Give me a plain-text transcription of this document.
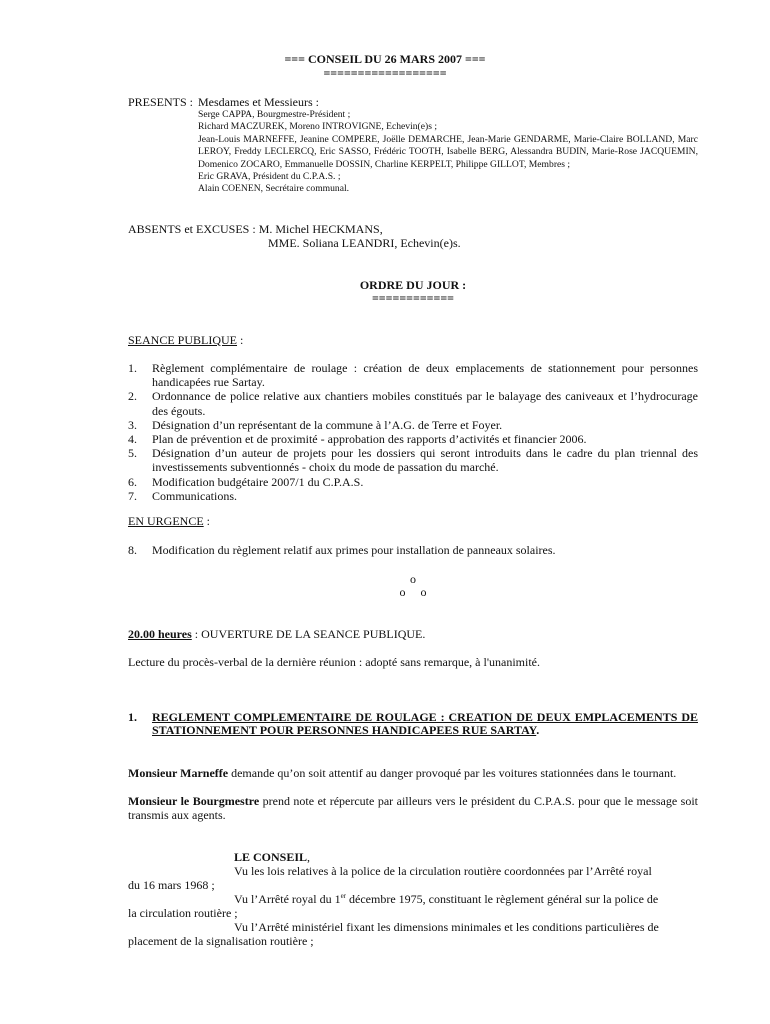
=== CONSEIL DU 26 MARS 2007 ===
==================
PRESENTS : Mesdames et Messieurs :
Serge CAPPA, Bourgmestre-Président ;
Richard MACZUREK, Moreno INTROVIGNE, Echevin(e)s ;
Jean-Louis MARNEFFE, Jeanine COMPERE, Joëlle DEMARCHE, Jean-Marie GENDARME, Marie-Claire BOLLAND, Marc LEROY, Freddy LECLERCQ, Eric SASSO, Frédéric TOOTH, Isabelle BERG, Alessandra BUDIN, Marie-Rose JACQUEMIN, Domenico ZOCARO, Emmanuelle DOSSIN, Charline KERPELT, Philippe GILLOT, Membres ;
Eric GRAVA, Président du C.P.A.S. ;
Alain COENEN, Secrétaire communal.
ABSENTS et EXCUSES : M. Michel HECKMANS,
MME. Soliana LEANDRI, Echevin(e)s.
ORDRE DU JOUR :
============
SEANCE PUBLIQUE :
1.	Règlement complémentaire de roulage : création de deux emplacements de stationnement pour personnes handicapées rue Sartay.
2.	Ordonnance de police relative aux chantiers mobiles constitués par le balayage des caniveaux et l’hydrocurage des égouts.
3.	Désignation d’un représentant de la commune à l’A.G. de Terre et Foyer.
4.	Plan de prévention et de proximité - approbation des rapports d’activités et financier 2006.
5.	Désignation d’un auteur de projets pour les dossiers qui seront introduits dans le cadre du plan triennal des investissements subventionnés - choix du mode de passation du marché.
6.	Modification budgétaire 2007/1 du C.P.A.S.
7.	Communications.
EN URGENCE :
8.	Modification du règlement relatif aux primes pour installation de panneaux solaires.
o
o     o
20.00 heures : OUVERTURE DE LA SEANCE PUBLIQUE.
Lecture du procès-verbal de la dernière réunion : adopté sans remarque, à l'unanimité.
1.	REGLEMENT COMPLEMENTAIRE DE ROULAGE : CREATION DE DEUX EMPLACEMENTS DE STATIONNEMENT POUR PERSONNES HANDICAPEES RUE SARTAY.
Monsieur Marneffe demande qu’on soit attentif au danger provoqué par les voitures stationnées dans le tournant.
Monsieur le Bourgmestre prend note et répercute par ailleurs vers le président du C.P.A.S. pour que le message soit transmis aux agents.
LE CONSEIL,
Vu les lois relatives à la police de la circulation routière coordonnées par l’Arrêté royal
du 16 mars 1968 ;
Vu l’Arrêté royal du 1er décembre 1975, constituant le règlement général sur la police de
la circulation routière ;
Vu l’Arrêté ministériel fixant les dimensions minimales et les conditions particulières de
placement de la signalisation routière ;
